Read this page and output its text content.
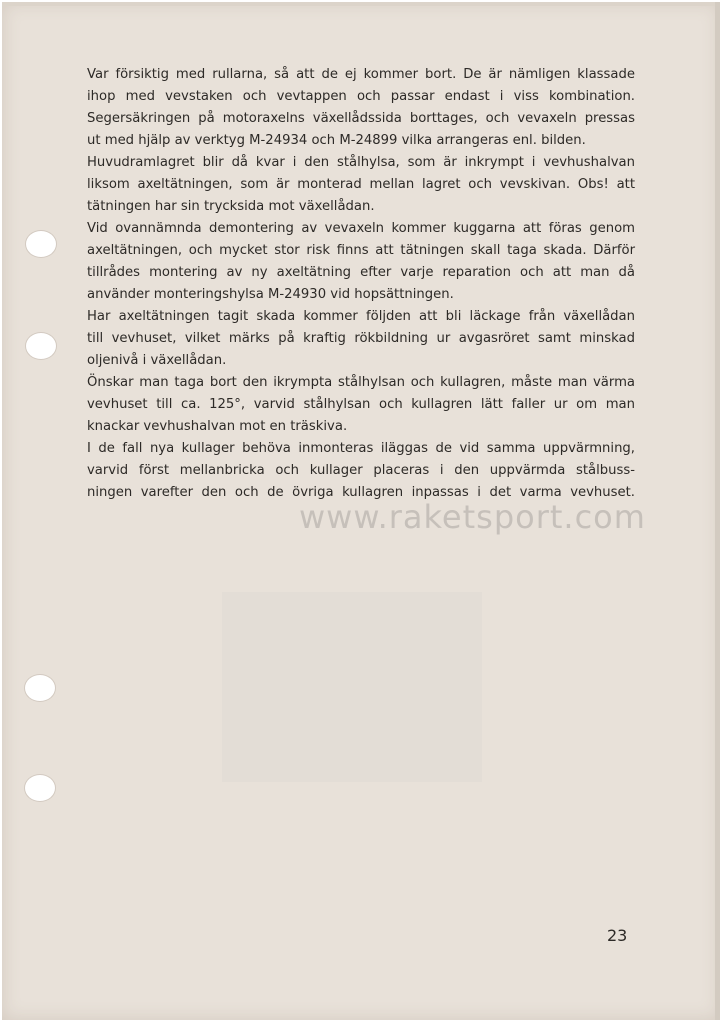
Var försiktig med rullarna, så att de ej kommer bort. De är nämligen klassade
ihop med vevstaken och vevtappen och passar endast i viss kombination.
Segersäkringen på motoraxelns växellådssida borttages, och vevaxeln pressas
ut med hjälp av verktyg M-24934 och M-24899 vilka arrangeras enl. bilden.
Huvudramlagret blir då kvar i den stålhylsa, som är inkrympt i vevhushalvan
liksom axeltätningen, som är monterad mellan lagret och vevskivan. Obs! att
tätningen har sin trycksida mot växellådan.
Vid ovannämnda demontering av vevaxeln kommer kuggarna att föras genom
axeltätningen, och mycket stor risk finns att tätningen skall taga skada. Därför
tillrådes montering av ny axeltätning efter varje reparation och att man då
använder monteringshylsa M-24930 vid hopsättningen.
Har axeltätningen tagit skada kommer följden att bli läckage från växellådan
till vevhuset, vilket märks på kraftig rökbildning ur avgasröret samt minskad
oljenivå i växellådan.
Önskar man taga bort den ikrympta stålhylsan och kullagren, måste man värma
vevhuset till ca. 125°, varvid stålhylsan och kullagren lätt faller ur om man
knackar vevhushalvan mot en träskiva.
I de fall nya kullager behöva inmonteras iläggas de vid samma uppvärmning,
varvid först mellanbricka och kullager placeras i den uppvärmda stålbuss-
ningen varefter den och de övriga kullagren inpassas i det varma vevhuset.
www.raketsport.com
23
